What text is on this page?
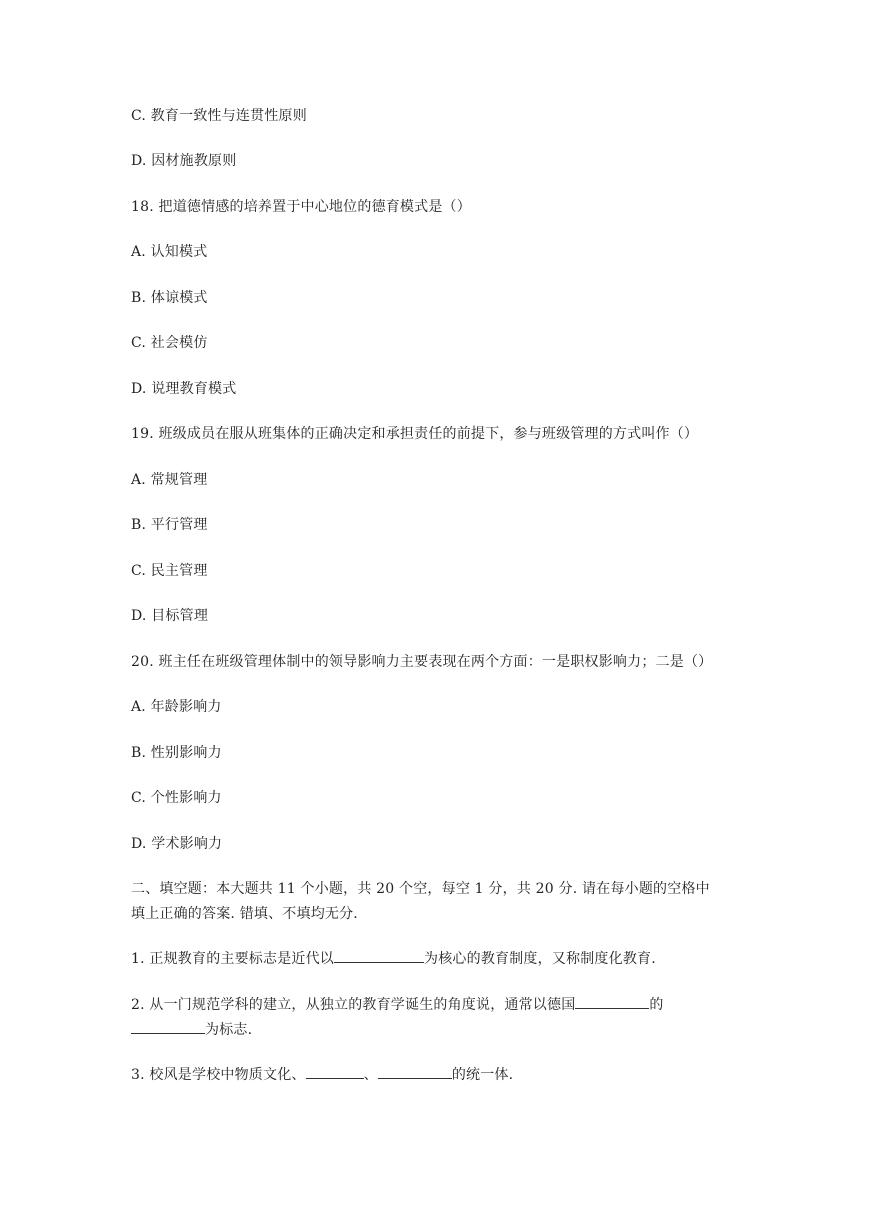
C. 教育一致性与连贯性原则
D. 因材施教原则
18. 把道德情感的培养置于中心地位的德育模式是（）
A. 认知模式
B. 体谅模式
C. 社会模仿
D. 说理教育模式
19. 班级成员在服从班集体的正确决定和承担责任的前提下，参与班级管理的方式叫作（）
A. 常规管理
B. 平行管理
C. 民主管理
D. 目标管理
20. 班主任在班级管理体制中的领导影响力主要表现在两个方面：一是职权影响力；二是（）
A. 年龄影响力
B. 性别影响力
C. 个性影响力
D. 学术影响力
二、填空题：本大题共 11 个小题，共 20 个空，每空 1 分，共 20 分. 请在每小题的空格中
填上正确的答案. 错填、不填均无分.
1. 正规教育的主要标志是近代以	为核心的教育制度，又称制度化教育.
2. 从一门规范学科的建立，从独立的教育学诞生的角度说，通常以德国	的
为标志.
3. 校风是学校中物质文化、	、	的统一体.
